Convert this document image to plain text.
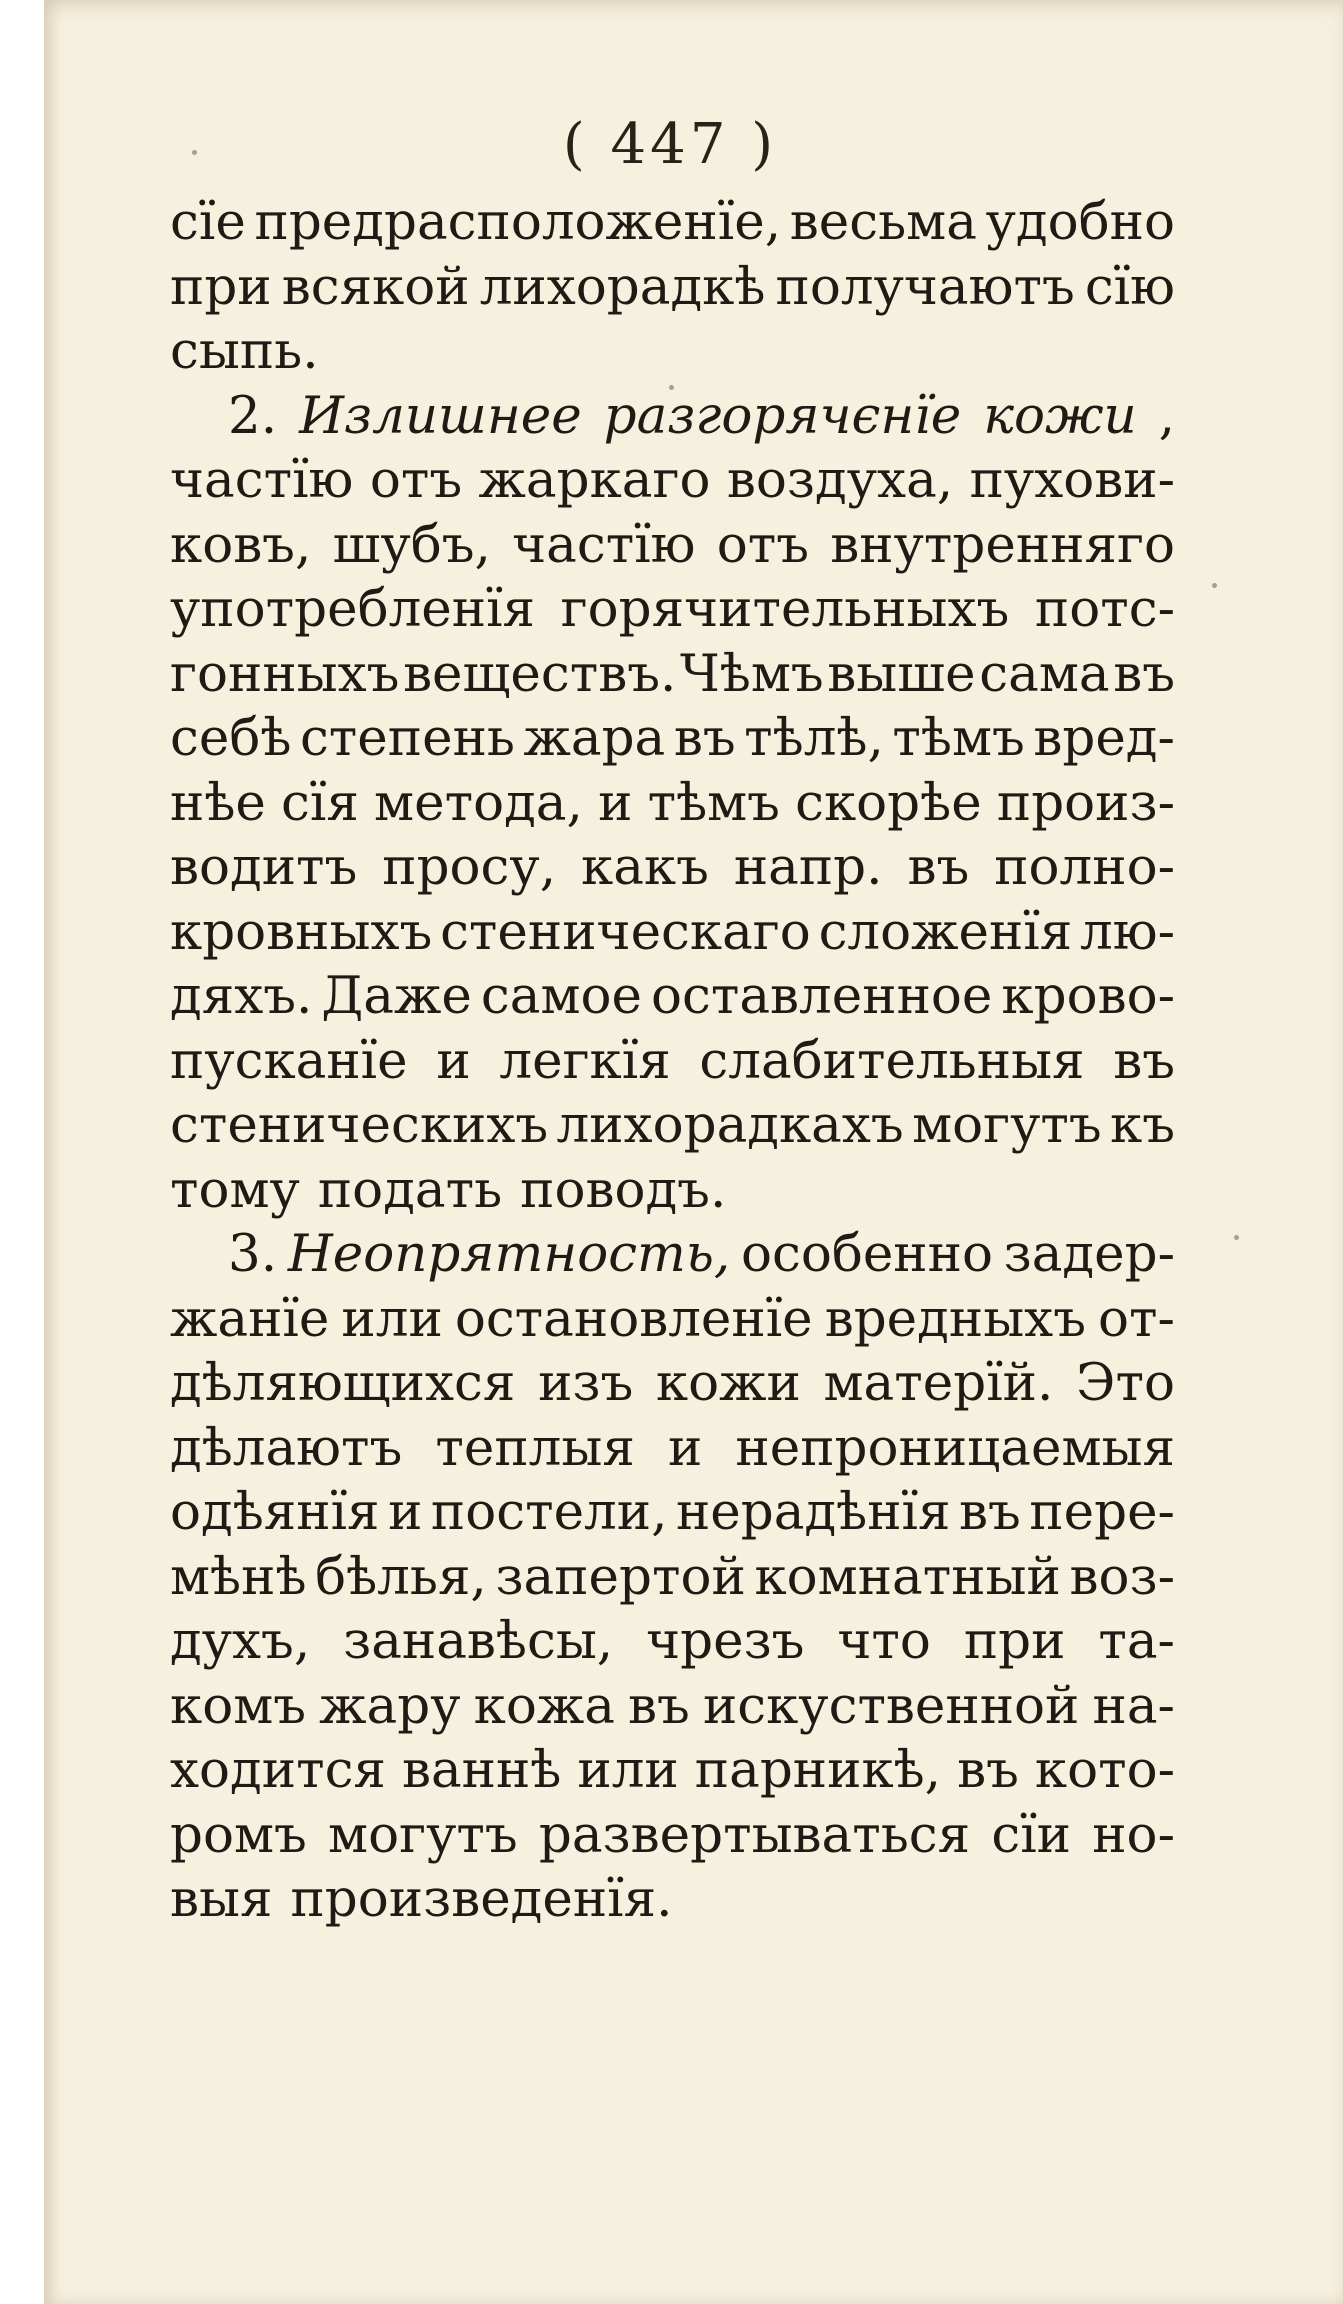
( 447 )
сїе предрасположенїе, весьма удобно
при всякой лихорадкѣ получаютъ сїю
сыпь.
2. Излишнее разгорячєнїе кожи ,
частїю отъ жаркаго воздуха, пухови-
ковъ, шубъ, частїю отъ внутренняго
употребленїя горячительныхъ потс-
гонныхъ веществъ. Чѣмъ выше сама въ
себѣ степень жара въ тѣлѣ, тѣмъ вред-
нѣе сїя метода, и тѣмъ скорѣе произ-
водитъ просу, какъ напр. въ полно-
кровныхъ стеническаго сложенїя лю-
дяхъ. Даже самое оставленное крово-
пусканїе и легкїя слабительныя въ
стеническихъ лихорадкахъ могутъ къ
тому подать поводъ.
3. Неопрятность, особенно задер-
жанїе или остановленїе вредныхъ от-
дѣляющихся изъ кожи матерїй. Это
дѣлаютъ теплыя и непроницаемыя
одѣянїя и постели, нерадѣнїя въ пере-
мѣнѣ бѣлья, запертой комнатный воз-
духъ, занавѣсы, чрезъ что при та-
комъ жару кожа въ искуственной на-
ходится ваннѣ или парникѣ, въ кото-
ромъ могутъ развертываться сїи но-
выя произведенїя.
